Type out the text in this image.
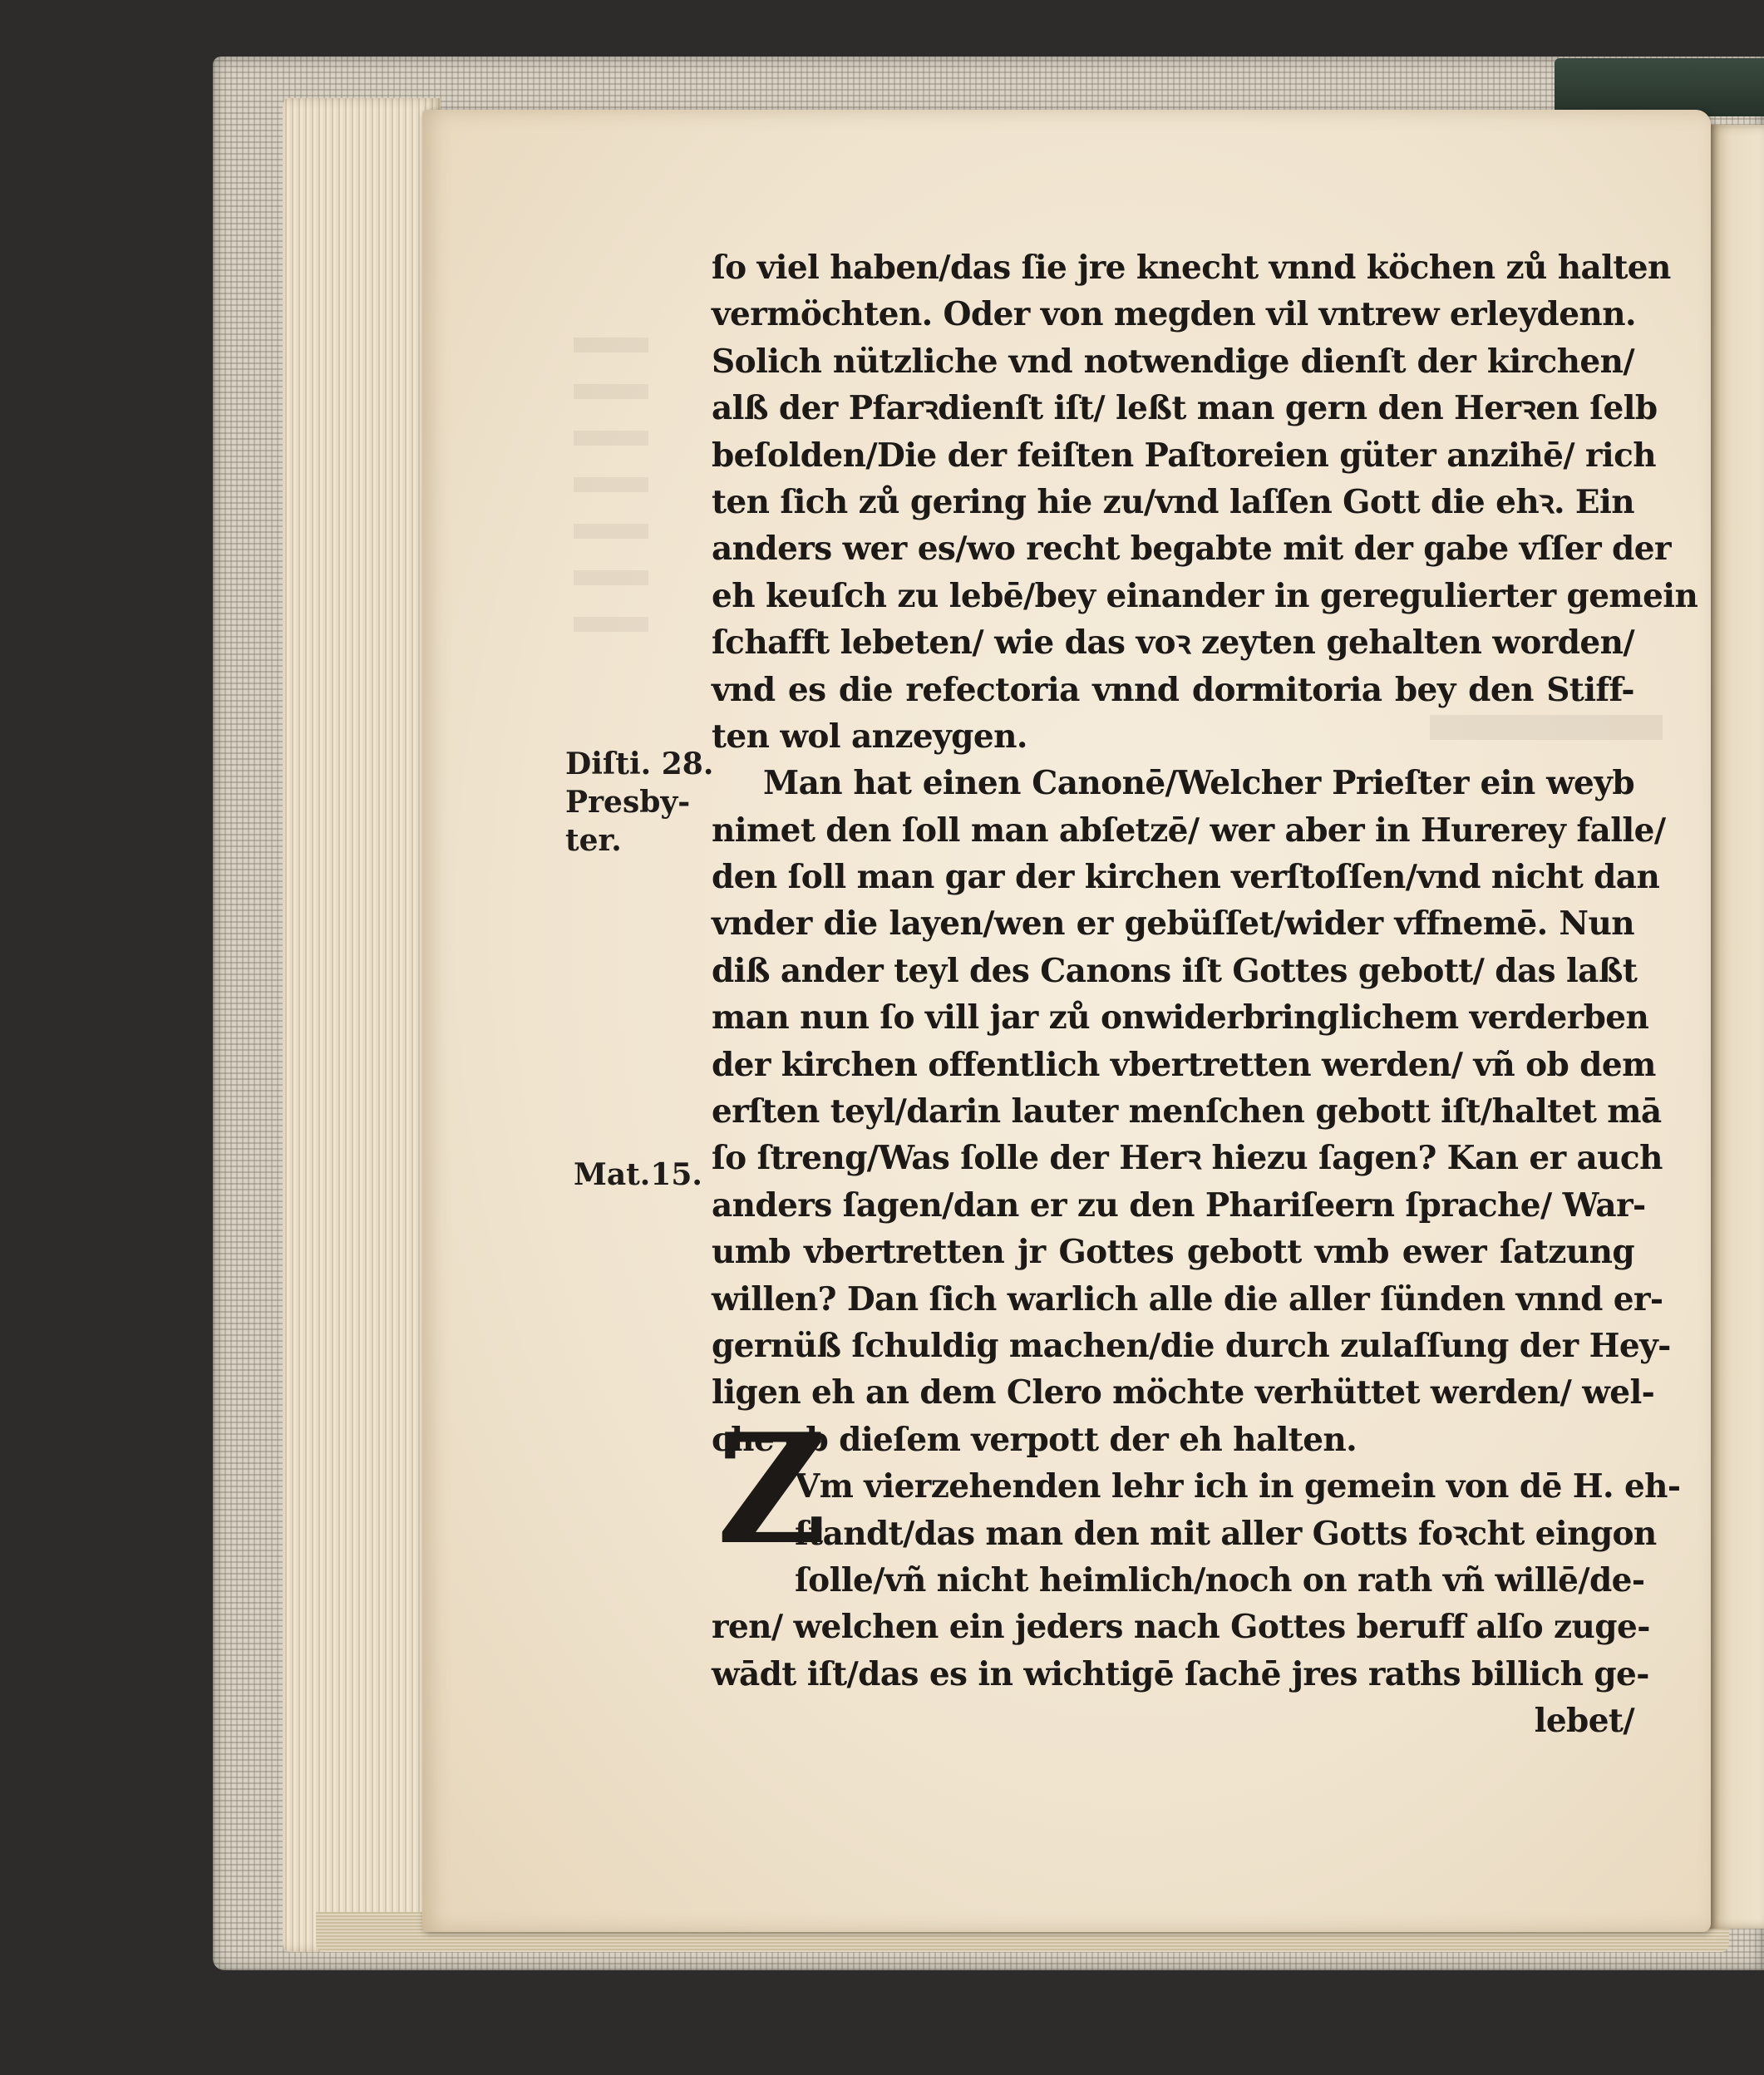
Diſti. 28.
Presby-
ter.
Mat.15.
ſo viel haben/das ſie jre knecht vnnd köchen zů halten
vermöchten. Oder von megden vil vntrew erleydenn.
Solich nützliche vnd notwendige dienſt der kirchen/
alß der Pfarꝛdienſt iſt/ leßt man gern den Herꝛen ſelb
beſolden/Die der feiſten Paſtoreien güter anzihē/ rich
ten ſich zů gering hie zu/vnd laſſen Gott die ehꝛ. Ein
anders wer es/wo recht begabte mit der gabe vſſer der
eh keuſch zu lebē/bey einander in geregulierter gemein
ſchafft lebeten/ wie das voꝛ zeyten gehalten worden/
vnd es die refectoria vnnd dormitoria bey den Stiff-
ten wol anzeygen.
Man hat einen Canonē/Welcher Prieſter ein weyb
nimet den ſoll man abſetzē/ wer aber in Hurerey falle/
den ſoll man gar der kirchen verſtoſſen/vnd nicht dan
vnder die layen/wen er gebüſſet/wider vffnemē. Nun
diß ander teyl des Canons iſt Gottes gebott/ das laßt
man nun ſo vill jar zů onwiderbringlichem verderben
der kirchen offentlich vbertretten werden/ vñ ob dem
erſten teyl/darin lauter menſchen gebott iſt/haltet mā
ſo ſtreng/Was ſolle der Herꝛ hiezu ſagen? Kan er auch
anders ſagen/dan er zu den Phariſeern ſprache/ War-
umb vbertretten jr Gottes gebott vmb ewer ſatzung
willen? Dan ſich warlich alle die aller ſünden vnnd er-
gernüß ſchuldig machen/die durch zulaſſung der Hey-
ligen eh an dem Clero möchte verhüttet werden/ wel-
che ob dieſem verpott der eh halten.
Vm vierzehenden lehr ich in gemein von dē H. eh-
ſtandt/das man den mit aller Gotts foꝛcht eingon
ſolle/vñ nicht heimlich/noch on rath vñ willē/de-
ren/ welchen ein jeders nach Gottes beruff alſo zuge-
wādt iſt/das es in wichtigē ſachē jres raths billich ge-
lebet/
Z
